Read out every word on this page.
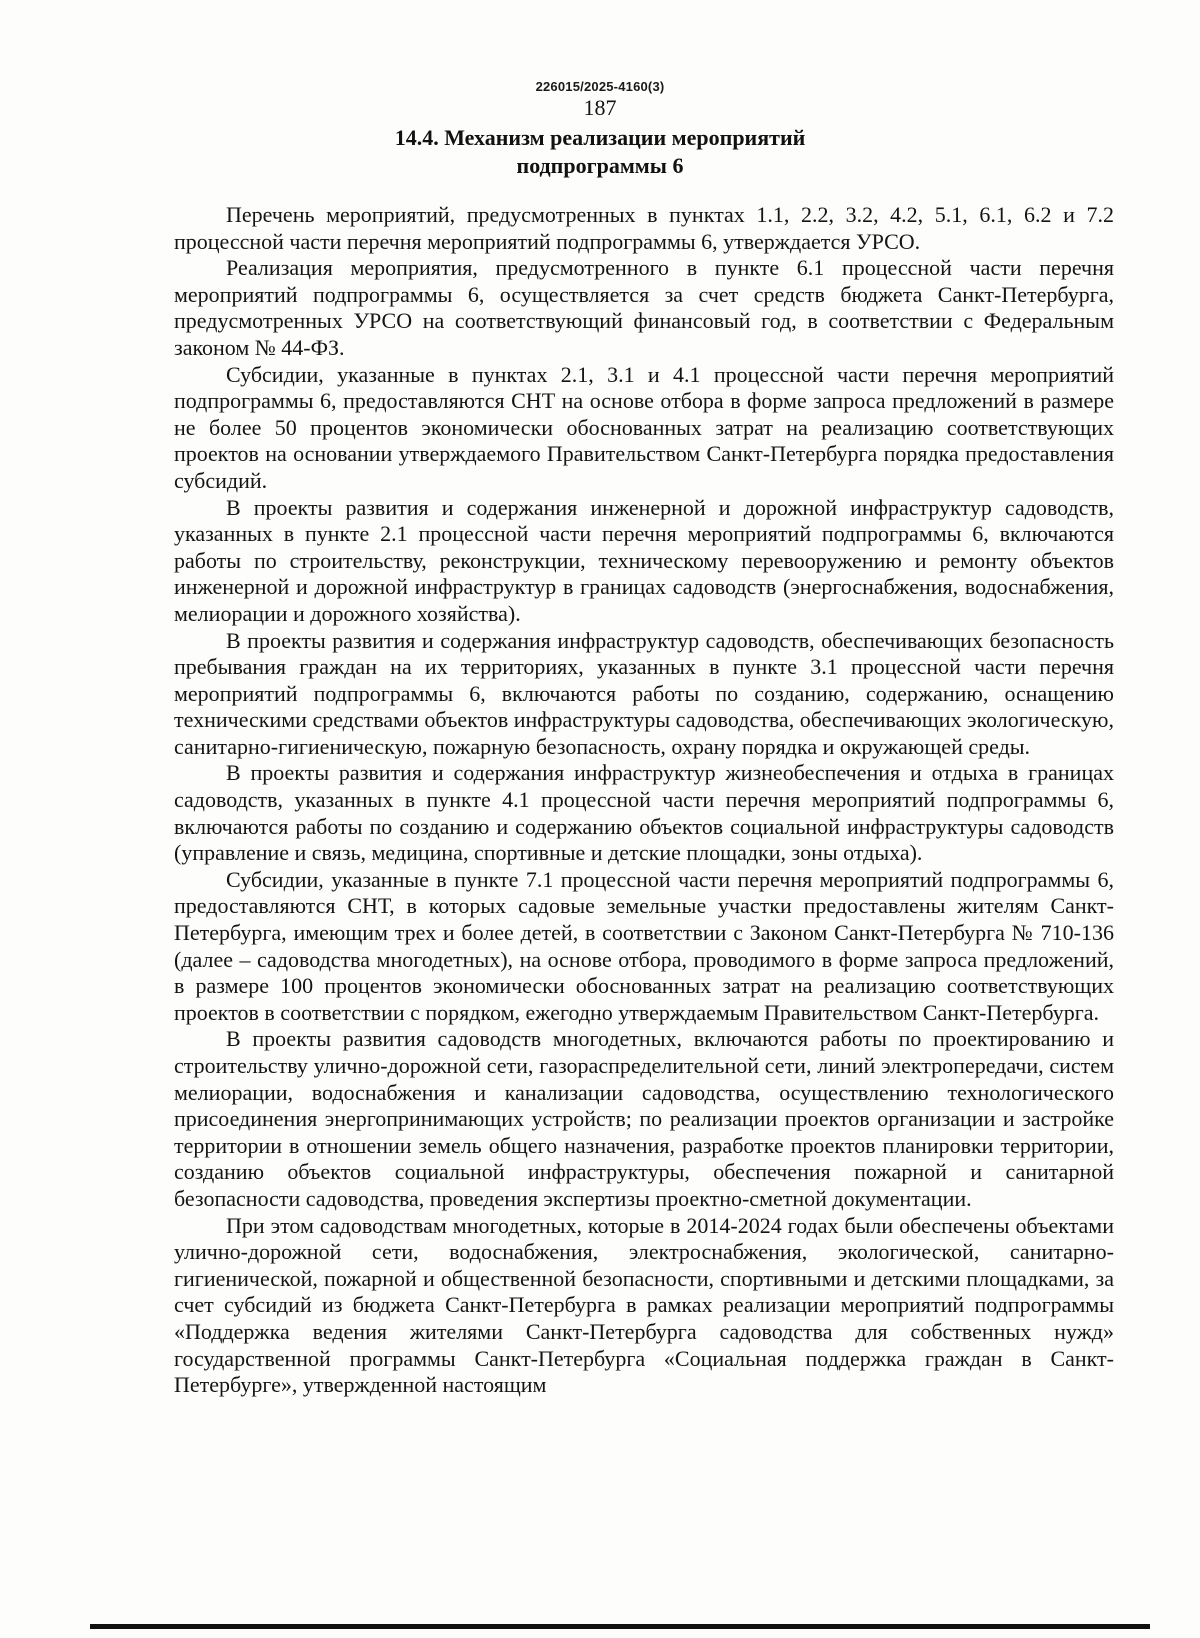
226015/2025-4160(3)
187
14.4. Механизм реализации мероприятий
подпрограммы 6

Перечень мероприятий, предусмотренных в пунктах 1.1, 2.2, 3.2, 4.2, 5.1, 6.1, 6.2 и 7.2 процессной части перечня мероприятий подпрограммы 6, утверждается УРСО.

Реализация мероприятия, предусмотренного в пункте 6.1 процессной части перечня мероприятий подпрограммы 6, осуществляется за счет средств бюджета Санкт-Петербурга, предусмотренных УРСО на соответствующий финансовый год, в соответствии с Федеральным законом № 44-ФЗ.

Субсидии, указанные в пунктах 2.1, 3.1 и 4.1 процессной части перечня мероприятий подпрограммы 6, предоставляются СНТ на основе отбора в форме запроса предложений в размере не более 50 процентов экономически обоснованных затрат на реализацию соответствующих проектов на основании утверждаемого Правительством Санкт-Петербурга порядка предоставления субсидий.

В проекты развития и содержания инженерной и дорожной инфраструктур садоводств, указанных в пункте 2.1 процессной части перечня мероприятий подпрограммы 6, включаются работы по строительству, реконструкции, техническому перевооружению и ремонту объектов инженерной и дорожной инфраструктур в границах садоводств (энергоснабжения, водоснабжения, мелиорации и дорожного хозяйства).

В проекты развития и содержания инфраструктур садоводств, обеспечивающих безопасность пребывания граждан на их территориях, указанных в пункте 3.1 процессной части перечня мероприятий подпрограммы 6, включаются работы по созданию, содержанию, оснащению техническими средствами объектов инфраструктуры садоводства, обеспечивающих экологическую, санитарно-гигиеническую, пожарную безопасность, охрану порядка и окружающей среды.

В проекты развития и содержания инфраструктур жизнеобеспечения и отдыха в границах садоводств, указанных в пункте 4.1 процессной части перечня мероприятий подпрограммы 6, включаются работы по созданию и содержанию объектов социальной инфраструктуры садоводств (управление и связь, медицина, спортивные и детские площадки, зоны отдыха).

Субсидии, указанные в пункте 7.1 процессной части перечня мероприятий подпрограммы 6, предоставляются СНТ, в которых садовые земельные участки предоставлены жителям Санкт-Петербурга, имеющим трех и более детей, в соответствии с Законом Санкт-Петербурга № 710-136 (далее – садоводства многодетных), на основе отбора, проводимого в форме запроса предложений, в размере 100 процентов экономически обоснованных затрат на реализацию соответствующих проектов в соответствии с порядком, ежегодно утверждаемым Правительством Санкт-Петербурга.

В проекты развития садоводств многодетных, включаются работы по проектированию и строительству улично-дорожной сети, газораспределительной сети, линий электропередачи, систем мелиорации, водоснабжения и канализации садоводства, осуществлению технологического присоединения энергопринимающих устройств; по реализации проектов организации и застройке территории в отношении земель общего назначения, разработке проектов планировки территории, созданию объектов социальной инфраструктуры, обеспечения пожарной и санитарной безопасности садоводства, проведения экспертизы проектно-сметной документации.

При этом садоводствам многодетных, которые в 2014-2024 годах были обеспечены объектами улично-дорожной сети, водоснабжения, электроснабжения, экологической, санитарно-гигиенической, пожарной и общественной безопасности, спортивными и детскими площадками, за счет субсидий из бюджета Санкт-Петербурга в рамках реализации мероприятий подпрограммы «Поддержка ведения жителями Санкт-Петербурга садоводства для собственных нужд» государственной программы Санкт-Петербурга «Социальная поддержка граждан в Санкт-Петербурге», утвержденной настоящим
